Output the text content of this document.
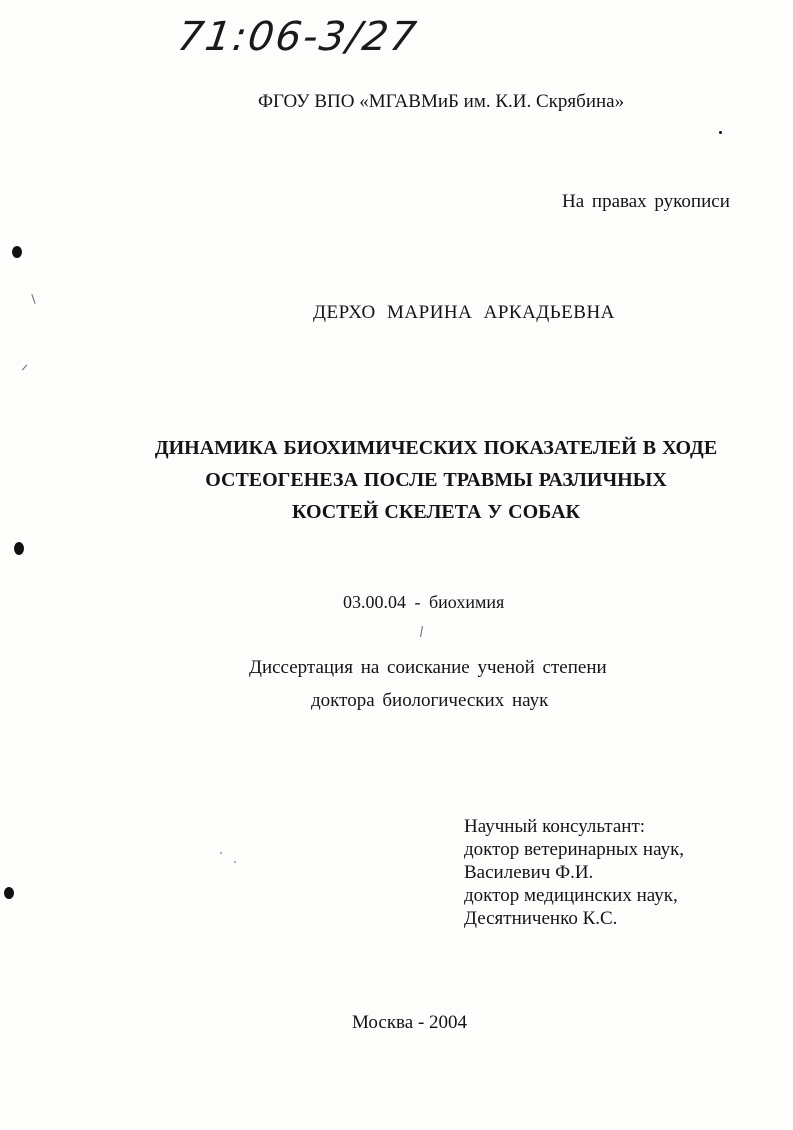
71:06-3/27
ФГОУ ВПО «МГАВМиБ им. К.И. Скрябина»
На правах рукописи
ДЕРХО МАРИНА АРКАДЬЕВНА
ДИНАМИКА БИОХИМИЧЕСКИХ ПОКАЗАТЕЛЕЙ В ХОДЕ
ОСТЕОГЕНЕЗА ПОСЛЕ ТРАВМЫ РАЗЛИЧНЫХ
КОСТЕЙ СКЕЛЕТА У СОБАК
03.00.04 - биохимия
Диссертация на соискание ученой степени
доктора биологических наук
Научный консультант:
доктор ветеринарных наук,
Василевич Ф.И.
доктор медицинских наук,
Десятниченко К.С.
Москва - 2004
